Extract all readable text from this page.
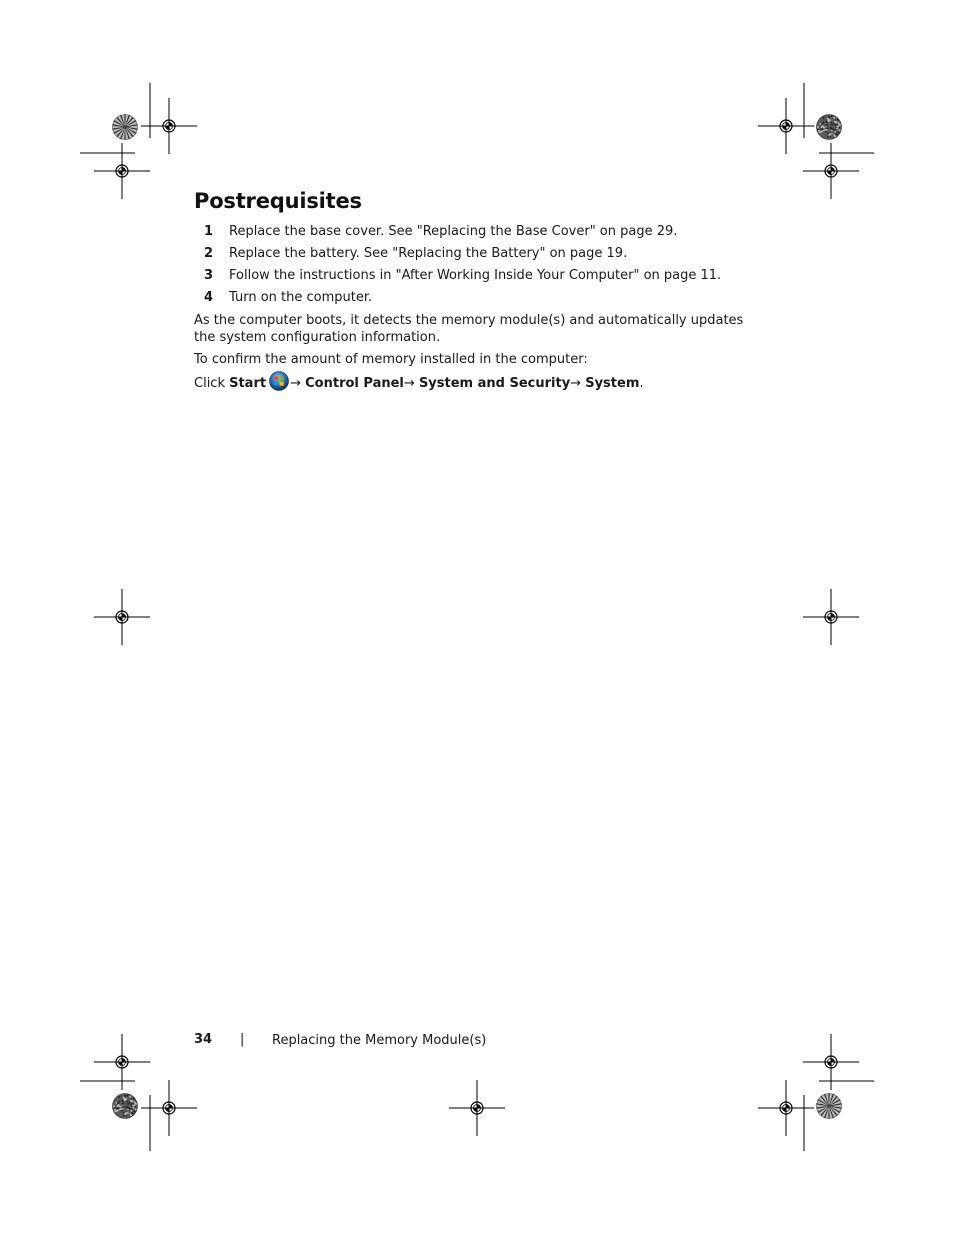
Postrequisites
1 Replace the base cover. See "Replacing the Base Cover" on page 29.
2 Replace the battery. See "Replacing the Battery" on page 19.
3 Follow the instructions in "After Working Inside Your Computer" on page 11.
4 Turn on the computer.

As the computer boots, it detects the memory module(s) and automatically updates the system configuration information.

To confirm the amount of memory installed in the computer:

Click Start → Control Panel→ System and Security→ System.
34 | Replacing the Memory Module(s)
